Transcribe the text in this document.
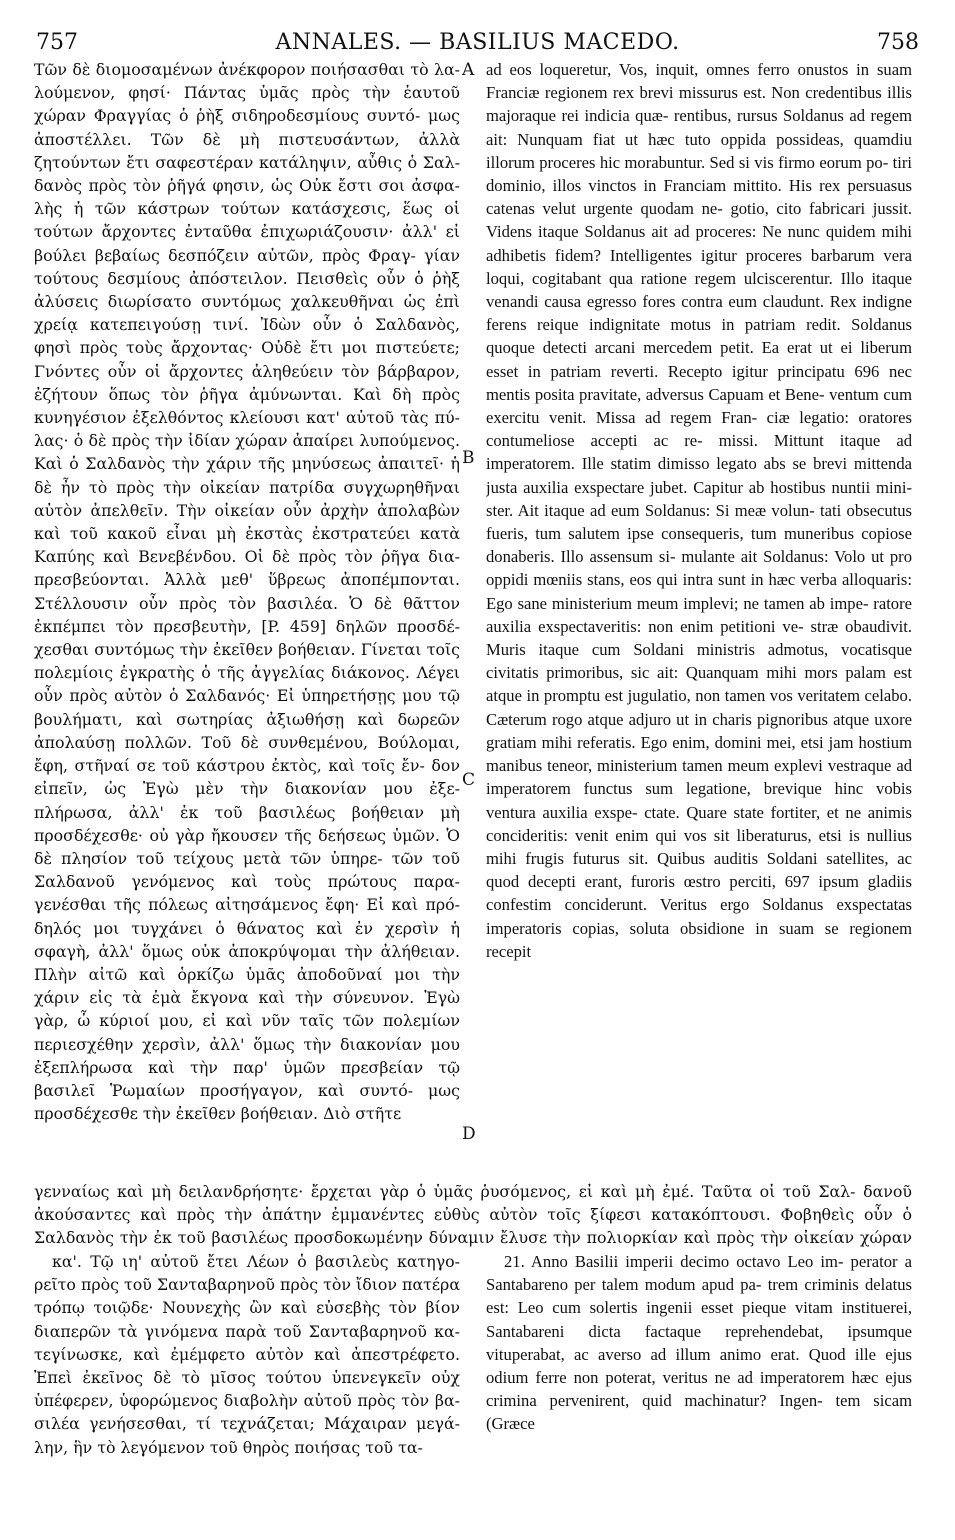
757	ANNALES. — BASILIUS MACEDO.	758

Τῶν δὲ διομοσαμένων ἀνέκφορον ποιήσασθαι τὸ λα- λούμενον, φησί· Πάντας ὑμᾶς πρὸς τὴν ἑαυτοῦ χώραν Φραγγίας ὁ ῥὴξ σιδηροδεσμίους συντό- μως ἀποστέλλει. Τῶν δὲ μὴ πιστευσάντων, ἀλλὰ ζητούντων ἔτι σαφεστέραν κατάληψιν, αὖθις ὁ Σαλ- δανὸς πρὸς τὸν ῥῆγά φησιν, ὡς Οὐκ ἔστι σοι ἀσφα- λὴς ἡ τῶν κάστρων τούτων κατάσχεσις, ἕως οἱ τούτων ἄρχοντες ἐνταῦθα ἐπιχωριάζουσιν· ἀλλ' εἰ βούλει βεβαίως δεσπόζειν αὐτῶν, πρὸς Φραγ- γίαν τούτους δεσμίους ἀπόστειλον. Πεισθεὶς οὖν ὁ ῥὴξ ἀλύσεις διωρίσατο συντόμως χαλκευθῆναι ὡς ἐπὶ χρείᾳ κατεπειγούσῃ τινί. Ἰδὼν οὖν ὁ Σαλδανὸς, φησὶ πρὸς τοὺς ἄρχοντας· Οὐδὲ ἔτι μοι πιστεύετε; Γνόντες οὖν οἱ ἄρχοντες ἀληθεύειν τὸν βάρβαρον, ἐζήτουν ὅπως τὸν ῥῆγα ἀμύνωνται. Καὶ δὴ πρὸς κυνηγέσιον ἐξελθόντος κλείουσι κατ' αὐτοῦ τὰς πύ- λας· ὁ δὲ πρὸς τὴν ἰδίαν χώραν ἀπαίρει λυπούμενος. Καὶ ὁ Σαλδανὸς τὴν χάριν τῆς μηνύσεως ἀπαιτεῖ· ἡ δὲ ἦν τὸ πρὸς τὴν οἰκείαν πατρίδα συγχωρηθῆναι αὐτὸν ἀπελθεῖν. Τὴν οἰκείαν οὖν ἀρχὴν ἀπολαβὼν καὶ τοῦ κακοῦ εἶναι μὴ ἐκστὰς ἐκστρατεύει κατὰ Καπύης καὶ Βενεβένδου. Οἱ δὲ πρὸς τὸν ῥῆγα δια- πρεσβεύονται. Ἀλλὰ μεθ' ὕβρεως ἀποπέμπονται. Στέλλουσιν οὖν πρὸς τὸν βασιλέα. Ὁ δὲ θᾶττον ἐκπέμπει τὸν πρεσβευτὴν, [P. 459] δηλῶν προσδέ- χεσθαι συντόμως τὴν ἐκεῖθεν βοήθειαν. Γίνεται τοῖς πολεμίοις ἐγκρατὴς ὁ τῆς ἀγγελίας διάκονος. Λέγει οὖν πρὸς αὐτὸν ὁ Σαλδανός· Εἰ ὑπηρετήσῃς μου τῷ βουλήματι, καὶ σωτηρίας ἀξιωθήσῃ καὶ δωρεῶν ἀπολαύσῃ πολλῶν. Τοῦ δὲ συνθεμένου, Βούλομαι, ἔφη, στῆναί σε τοῦ κάστρου ἐκτὸς, καὶ τοῖς ἔν- δον εἰπεῖν, ὡς Ἐγὼ μὲν τὴν διακονίαν μου ἐξε- πλήρωσα, ἀλλ' ἐκ τοῦ βασιλέως βοήθειαν μὴ προσδέχεσθε· οὐ γὰρ ἤκουσεν τῆς δεήσεως ὑμῶν. Ὁ δὲ πλησίον τοῦ τείχους μετὰ τῶν ὑπηρε- τῶν τοῦ Σαλδανοῦ γενόμενος καὶ τοὺς πρώτους παρα- γενέσθαι τῆς πόλεως αἰτησάμενος ἔφη· Εἰ καὶ πρό- δηλός μοι τυγχάνει ὁ θάνατος καὶ ἐν χερσὶν ἡ σφαγὴ, ἀλλ' ὅμως οὐκ ἀποκρύψομαι τὴν ἀλήθειαν. Πλὴν αἰτῶ καὶ ὁρκίζω ὑμᾶς ἀποδοῦναί μοι τὴν χάριν εἰς τὰ ἐμὰ ἔκγονα καὶ τὴν σύνευνον. Ἐγὼ γὰρ, ὦ κύριοί μου, εἰ καὶ νῦν ταῖς τῶν πολεμίων περιεσχέθην χερσὶν, ἀλλ' ὅμως τὴν διακονίαν μου ἐξεπλήρωσα καὶ τὴν παρ' ὑμῶν πρεσβείαν τῷ βασιλεῖ Ῥωμαίων προσήγαγον, καὶ συντό- μως προσδέχεσθε τὴν ἐκεῖθεν βοήθειαν. Διὸ στῆτε

A
B
C
D

ad eos loqueretur, Vos, inquit, omnes ferro onustos in suam Franciæ regionem rex brevi missurus est. Non credentibus illis majoraque rei indicia quæ- rentibus, rursus Soldanus ad regem ait: Nunquam fiat ut hæc tuto oppida possideas, quamdiu illorum proceres hic morabuntur. Sed si vis firmo eorum po- tiri dominio, illos vinctos in Franciam mittito. His rex persuasus catenas velut urgente quodam ne- gotio, cito fabricari jussit. Videns itaque Soldanus ait ad proceres: Ne nunc quidem mihi adhibetis fidem? Intelligentes igitur proceres barbarum vera loqui, cogitabant qua ratione regem ulciscerentur. Illo itaque venandi causa egresso fores contra eum claudunt. Rex indigne ferens reique indignitate motus in patriam redit. Soldanus quoque detecti arcani mercedem petit. Ea erat ut ei liberum esset in patriam reverti. Recepto igitur principatu 696 nec mentis posita pravitate, adversus Capuam et Bene- ventum cum exercitu venit. Missa ad regem Fran- ciæ legatio: oratores contumeliose accepti ac re- missi. Mittunt itaque ad imperatorem. Ille statim dimisso legato abs se brevi mittenda justa auxilia exspectare jubet. Capitur ab hostibus nuntii mini- ster. Ait itaque ad eum Soldanus: Si meæ volun- tati obsecutus fueris, tum salutem ipse consequeris, tum muneribus copiose donaberis. Illo assensum si- mulante ait Soldanus: Volo ut pro oppidi mœniis stans, eos qui intra sunt in hæc verba alloquaris: Ego sane ministerium meum implevi; ne tamen ab impe- ratore auxilia exspectaveritis: non enim petitioni ve- stræ obaudivit. Muris itaque cum Soldani ministris admotus, vocatisque civitatis primoribus, sic ait: Quanquam mihi mors palam est atque in promptu est jugulatio, non tamen vos veritatem celabo. Cæterum rogo atque adjuro ut in charis pignoribus atque uxore gratiam mihi referatis. Ego enim, domini mei, etsi jam hostium manibus teneor, ministerium tamen meum explevi vestraque ad imperatorem functus sum legatione, brevique hinc vobis ventura auxilia exspe- ctate. Quare state fortiter, et ne animis concideritis: venit enim qui vos sit liberaturus, etsi is nullius mihi frugis futurus sit. Quibus auditis Soldani satellites, ac quod decepti erant, furoris œstro perciti, 697 ipsum gladiis confestim conciderunt. Veritus ergo Soldanus exspectatas imperatoris copias, soluta obsidione in suam se regionem recepit

γενναίως καὶ μὴ δειλανδρήσητε· ἔρχεται γὰρ ὁ ὑμᾶς ῥυσόμενος, εἰ καὶ μὴ ἐμέ. Ταῦτα οἱ τοῦ Σαλ- δανοῦ ἀκούσαντες καὶ πρὸς τὴν ἀπάτην ἐμμανέντες εὐθὺς αὐτὸν τοῖς ξίφεσι κατακόπτουσι. Φοβηθεὶς οὖν ὁ Σαλδανὸς τὴν ἐκ τοῦ βασιλέως προσδοκωμένην δύναμιν ἔλυσε τὴν πολιορκίαν καὶ πρὸς τὴν οἰκείαν χώραν

κα'. Τῷ ιη' αὐτοῦ ἔτει Λέων ὁ βασιλεὺς κατηγο- ρεῖτο πρὸς τοῦ Σανταβαρηνοῦ πρὸς τὸν ἴδιον πατέρα τρόπῳ τοιῷδε· Νουνεχὴς ὢν καὶ εὐσεβὴς τὸν βίον διαπερῶν τὰ γινόμενα παρὰ τοῦ Σανταβαρηνοῦ κα- τεγίνωσκε, καὶ ἐμέμφετο αὐτὸν καὶ ἀπεστρέφετο. Ἐπεὶ ἐκεῖνος δὲ τὸ μῖσος τούτου ὑπενεγκεῖν οὐχ ὑπέφερεν, ὑφορώμενος διαβολὴν αὐτοῦ πρὸς τὸν βα- σιλέα γενήσεσθαι, τί τεχνάζεται; Μάχαιραν μεγά- λην, ἣν τὸ λεγόμενον τοῦ θηρὸς ποιήσας τοῦ τα-

21. Anno Basilii imperii decimo octavo Leo im- perator a Santabareno per talem modum apud pa- trem criminis delatus est: Leo cum solertis ingenii esset pieque vitam instituerei, Santabareni dicta factaque reprehendebat, ipsumque vituperabat, ac averso ad illum animo erat. Quod ille ejus odium ferre non poterat, veritus ne ad imperatorem hæc ejus crimina pervenirent, quid machinatur? Ingen- tem sicam (Græce
